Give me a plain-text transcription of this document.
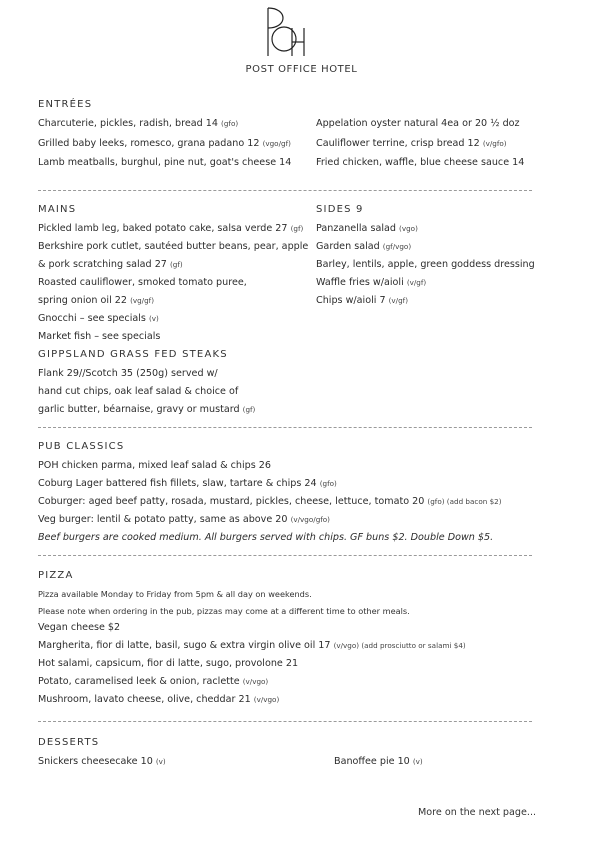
POST OFFICE HOTEL
ENTRÉES
Charcuterie, pickles, radish, bread 14 (gfo)
Grilled baby leeks, romesco, grana padano 12 (vgo/gf)
Lamb meatballs, burghul, pine nut, goat's cheese 14
Appelation oyster natural 4ea or 20 ½ doz
Cauliflower terrine, crisp bread 12 (v/gfo)
Fried chicken, waffle, blue cheese sauce 14
MAINS
Pickled lamb leg, baked potato cake, salsa verde 27 (gf)
Berkshire pork cutlet, sautéed butter beans, pear, apple
& pork scratching salad 27 (gf)
Roasted cauliflower, smoked tomato puree,
spring onion oil 22 (vg/gf)
Gnocchi – see specials (v)
Market fish – see specials
GIPPSLAND GRASS FED STEAKS
Flank 29//Scotch 35 (250g) served w/
hand cut chips, oak leaf salad & choice of
garlic butter, béarnaise, gravy or mustard (gf)
SIDES 9
Panzanella salad (vgo)
Garden salad (gf/vgo)
Barley, lentils, apple, green goddess dressing
Waffle fries w/aioli (v/gf)
Chips w/aioli 7 (v/gf)
PUB CLASSICS
POH chicken parma, mixed leaf salad & chips 26
Coburg Lager battered fish fillets, slaw, tartare & chips 24 (gfo)
Coburger: aged beef patty, rosada, mustard, pickles, cheese, lettuce, tomato 20 (gfo) (add bacon $2)
Veg burger: lentil & potato patty, same as above 20 (v/vgo/gfo)
Beef burgers are cooked medium. All burgers served with chips. GF buns $2. Double Down $5.
PIZZA
Pizza available Monday to Friday from 5pm & all day on weekends.
Please note when ordering in the pub, pizzas may come at a different time to other meals.
Vegan cheese $2
Margherita, fior di latte, basil, sugo & extra virgin olive oil 17 (v/vgo) (add prosciutto or salami $4)
Hot salami, capsicum, fior di latte, sugo, provolone 21
Potato, caramelised leek & onion, raclette (v/vgo)
Mushroom, lavato cheese, olive, cheddar 21 (v/vgo)
DESSERTS
Snickers cheesecake 10 (v)	Banoffee pie 10 (v)
More on the next page...
